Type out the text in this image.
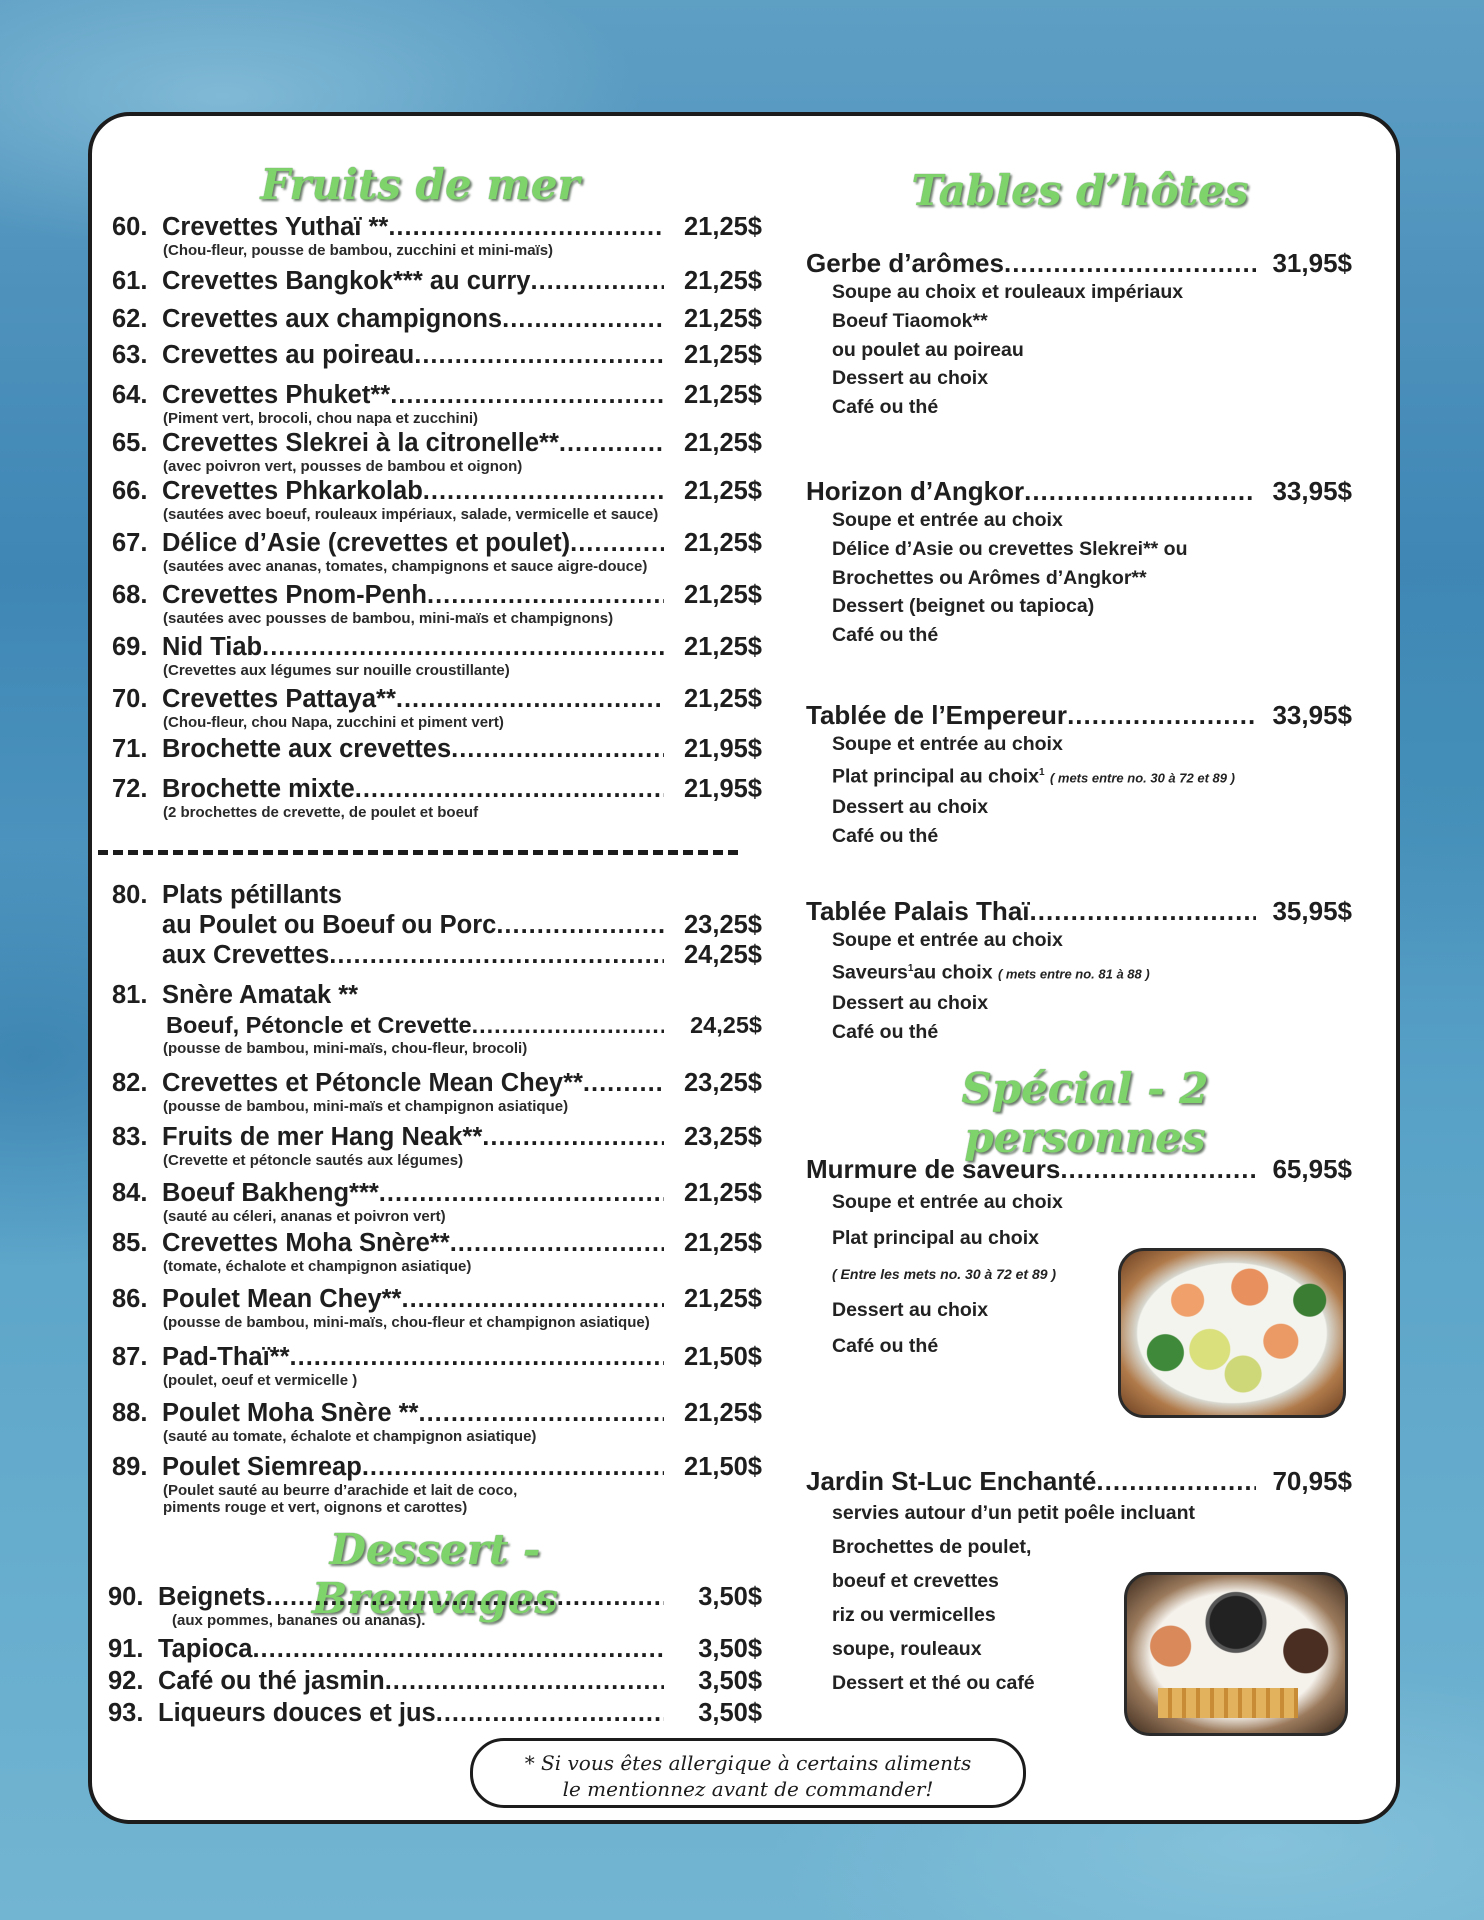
Fruits de mer
60. Crevettes Yuthaï ** .....	21,25$
(Chou-fleur, pousse de bambou, zucchini et mini-maïs)
61. Crevettes Bangkok*** au curry .....	21,25$
62. Crevettes aux champignons .....	21,25$
63. Crevettes au poireau .....	21,25$
64. Crevettes Phuket** .....	21,25$
(Piment vert, brocoli, chou napa et zucchini)
65. Crevettes Slekrei à la citronelle** .....	21,25$
(avec poivron vert, pousses de bambou et oignon)
66. Crevettes Phkarkolab .....	21,25$
(sautées avec boeuf, rouleaux impériaux, salade, vermicelle et sauce)
67. Délice d’Asie (crevettes et poulet) .....	21,25$
(sautées avec ananas, tomates, champignons et sauce aigre-douce)
68. Crevettes Pnom-Penh .....	21,25$
(sautées avec pousses de bambou, mini-maïs et champignons)
69. Nid Tiab .....	21,25$
(Crevettes aux légumes sur nouille croustillante)
70. Crevettes Pattaya** .....	21,25$
(Chou-fleur, chou Napa, zucchini et piment vert)
71. Brochette aux crevettes .....	21,95$
72. Brochette mixte .....	21,95$
(2 brochettes de crevette, de poulet et boeuf
80. Plats pétillants
au Poulet ou Boeuf ou Porc .....	23,25$
aux Crevettes .....	24,25$
81. Snère Amatak **
Boeuf, Pétoncle et Crevette .....	24,25$
(pousse de bambou, mini-maïs, chou-fleur, brocoli)
82. Crevettes et Pétoncle Mean Chey** .....	23,25$
(pousse de bambou, mini-maïs et champignon asiatique)
83. Fruits de mer Hang Neak** .....	23,25$
(Crevette et pétoncle sautés aux légumes)
84. Boeuf Bakheng*** .....	21,25$
(sauté au céleri, ananas et poivron vert)
85. Crevettes Moha Snère** .....	21,25$
(tomate, échalote et champignon asiatique)
86. Poulet Mean Chey** .....	21,25$
(pousse de bambou, mini-maïs, chou-fleur et champignon asiatique)
87. Pad-Thaï** .....	21,50$
(poulet, oeuf et vermicelle )
88. Poulet Moha Snère ** .....	21,25$
(sauté au tomate, échalote et champignon asiatique)
89. Poulet Siemreap .....	21,50$
(Poulet sauté au beurre d’arachide et lait de coco,
piments rouge et vert, oignons et carottes)
Dessert - Breuvages
90. Beignets .....	3,50$
(aux pommes, bananes ou ananas).
91. Tapioca .....	3,50$
92. Café ou thé jasmin .....	3,50$
93. Liqueurs douces et jus .....	3,50$
Tables d’hôtes
Gerbe d’arômes .....	31,95$
Soupe au choix et rouleaux impériaux
Boeuf Tiaomok**
ou poulet au poireau
Dessert au choix
Café ou thé
Horizon d’Angkor .....	33,95$
Soupe et entrée au choix
Délice d’Asie ou crevettes Slekrei** ou
Brochettes ou Arômes d’Angkor**
Dessert (beignet ou tapioca)
Café ou thé
Tablée de l’Empereur .....	33,95$
Soupe et entrée au choix
Plat principal au choix$^1$ ( mets entre no. 30 à 72 et 89 )
Dessert au choix
Café ou thé
Tablée Palais Thaï .....	35,95$
Soupe et entrée au choix
Saveurs$^1$au choix ( mets entre no. 81 à 88 )
Dessert au choix
Café ou thé
Spécial - 2 personnes
Murmure de saveurs .....	65,95$
Soupe et entrée au choix
Plat principal au choix
( Entre les mets no. 30 à 72 et 89 )
Dessert au choix
Café ou thé
Jardin St-Luc Enchanté .....	70,95$
servies autour d’un petit poêle incluant
Brochettes de poulet,
boeuf et crevettes
riz ou vermicelles
soupe, rouleaux
Dessert et thé ou café
* Si vous êtes allergique à certains aliments
le mentionnez avant de commander!
